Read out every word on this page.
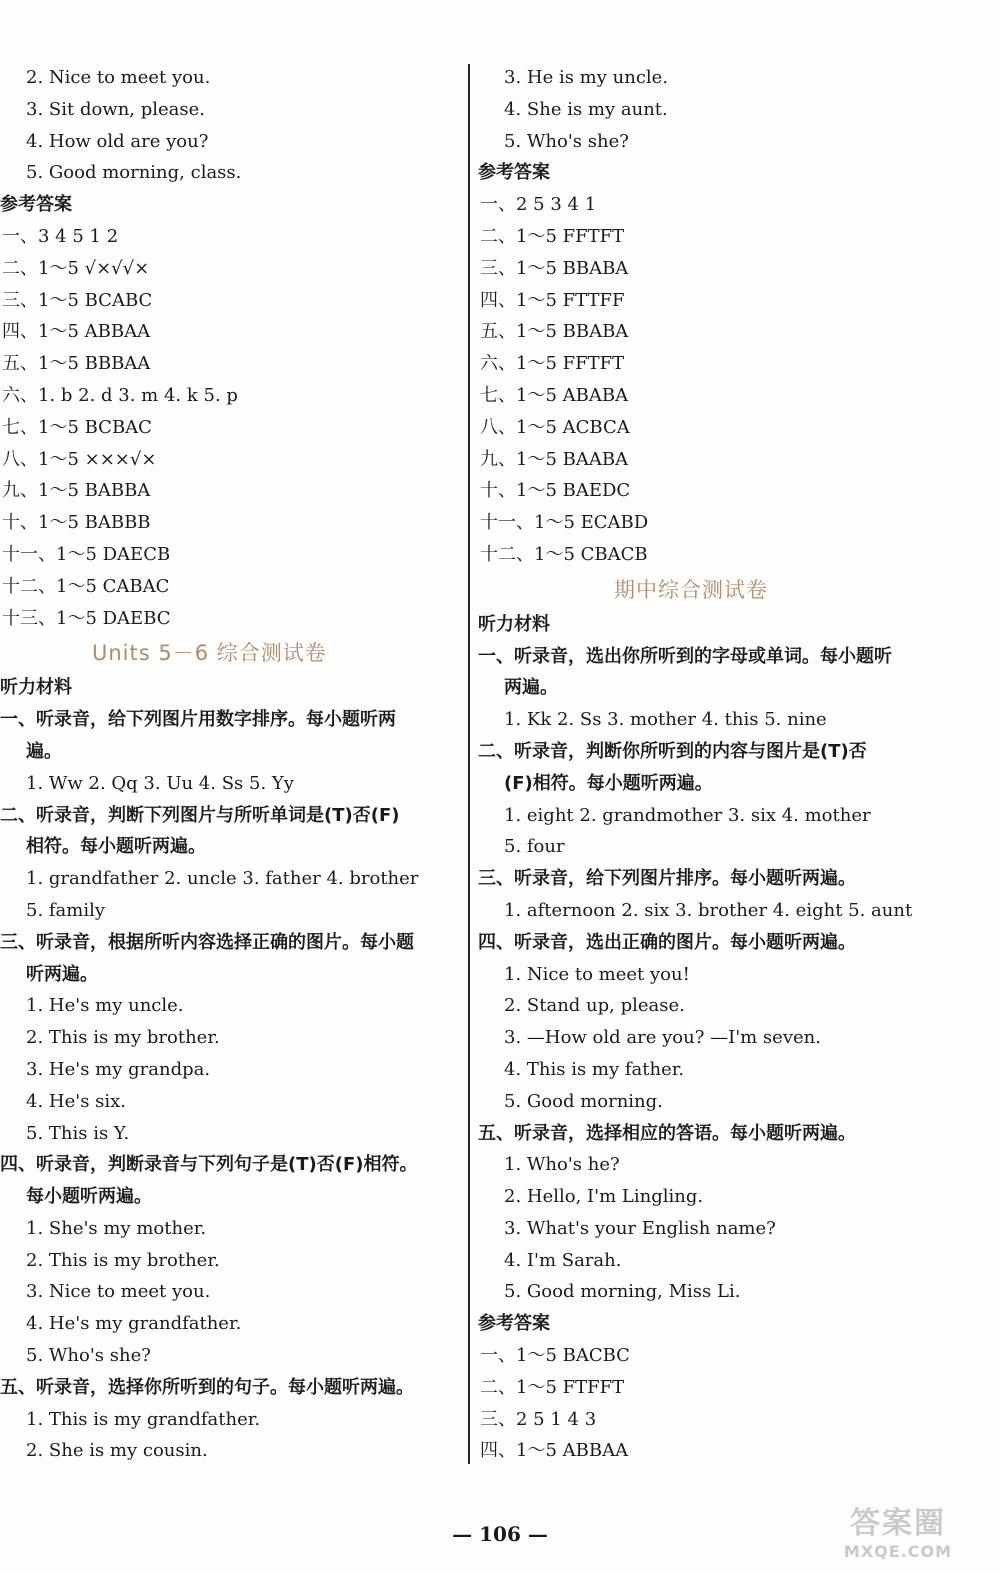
2. Nice to meet you.
3. Sit down, please.
4. How old are you?
5. Good morning, class.
参考答案
一、3 4 5 1 2
二、1～5 √×√√×
三、1～5 BCABC
四、1～5 ABBAA
五、1～5 BBBAA
六、1. b 2. d 3. m 4. k 5. p
七、1～5 BCBAC
八、1～5 ×××√×
九、1～5 BABBA
十、1～5 BABBB
十一、1～5 DAECB
十二、1～5 CABAC
十三、1～5 DAEBC
Units 5－6 综合测试卷
听力材料
一、听录音，给下列图片用数字排序。每小题听两
遍。
1. Ww 2. Qq 3. Uu 4. Ss 5. Yy
二、听录音，判断下列图片与所听单词是(T)否(F)
相符。每小题听两遍。
1. grandfather 2. uncle 3. father 4. brother
5. family
三、听录音，根据所听内容选择正确的图片。每小题
听两遍。
1. He's my uncle.
2. This is my brother.
3. He's my grandpa.
4. He's six.
5. This is Y.
四、听录音，判断录音与下列句子是(T)否(F)相符。
每小题听两遍。
1. She's my mother.
2. This is my brother.
3. Nice to meet you.
4. He's my grandfather.
5. Who's she?
五、听录音，选择你所听到的句子。每小题听两遍。
1. This is my grandfather.
2. She is my cousin.
3. He is my uncle.
4. She is my aunt.
5. Who's she?
参考答案
一、2 5 3 4 1
二、1～5 FFTFT
三、1～5 BBABA
四、1～5 FTTFF
五、1～5 BBABA
六、1～5 FFTFT
七、1～5 ABABA
八、1～5 ACBCA
九、1～5 BAABA
十、1～5 BAEDC
十一、1～5 ECABD
十二、1～5 CBACB
期中综合测试卷
听力材料
一、听录音，选出你所听到的字母或单词。每小题听
两遍。
1. Kk 2. Ss 3. mother 4. this 5. nine
二、听录音，判断你所听到的内容与图片是(T)否
(F)相符。每小题听两遍。
1. eight 2. grandmother 3. six 4. mother
5. four
三、听录音，给下列图片排序。每小题听两遍。
1. afternoon 2. six 3. brother 4. eight 5. aunt
四、听录音，选出正确的图片。每小题听两遍。
1. Nice to meet you!
2. Stand up, please.
3. —How old are you? —I'm seven.
4. This is my father.
5. Good morning.
五、听录音，选择相应的答语。每小题听两遍。
1. Who's he?
2. Hello, I'm Lingling.
3. What's your English name?
4. I'm Sarah.
5. Good morning, Miss Li.
参考答案
一、1～5 BACBC
二、1～5 FTFFT
三、2 5 1 4 3
四、1～5 ABBAA
— 106 —	答案圈
MXQE.COM
